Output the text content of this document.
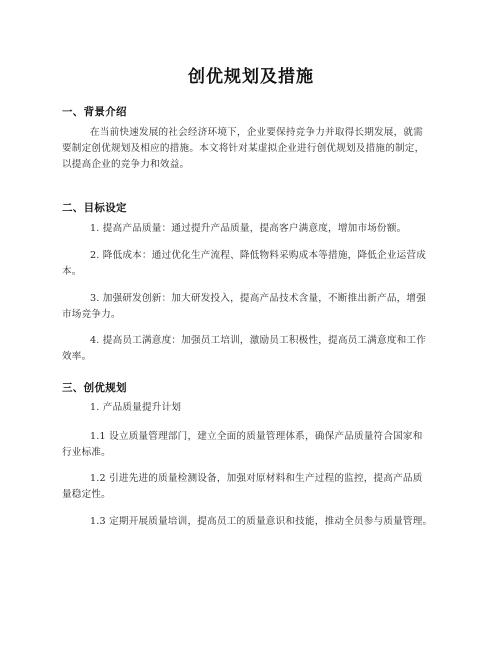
创优规划及措施
一、背景介绍
在当前快速发展的社会经济环境下，企业要保持竞争力并取得长期发展，就需
要制定创优规划及相应的措施。本文将针对某虚拟企业进行创优规划及措施的制定，
以提高企业的竞争力和效益。
二、目标设定
1. 提高产品质量：通过提升产品质量，提高客户满意度，增加市场份额。
2. 降低成本：通过优化生产流程、降低物料采购成本等措施，降低企业运营成
本。
3. 加强研发创新：加大研发投入，提高产品技术含量，不断推出新产品，增强
市场竞争力。
4. 提高员工满意度：加强员工培训，激励员工积极性，提高员工满意度和工作
效率。
三、创优规划
1. 产品质量提升计划
1.1 设立质量管理部门，建立全面的质量管理体系，确保产品质量符合国家和
行业标准。
1.2 引进先进的质量检测设备，加强对原材料和生产过程的监控，提高产品质
量稳定性。
1.3 定期开展质量培训，提高员工的质量意识和技能，推动全员参与质量管理。
